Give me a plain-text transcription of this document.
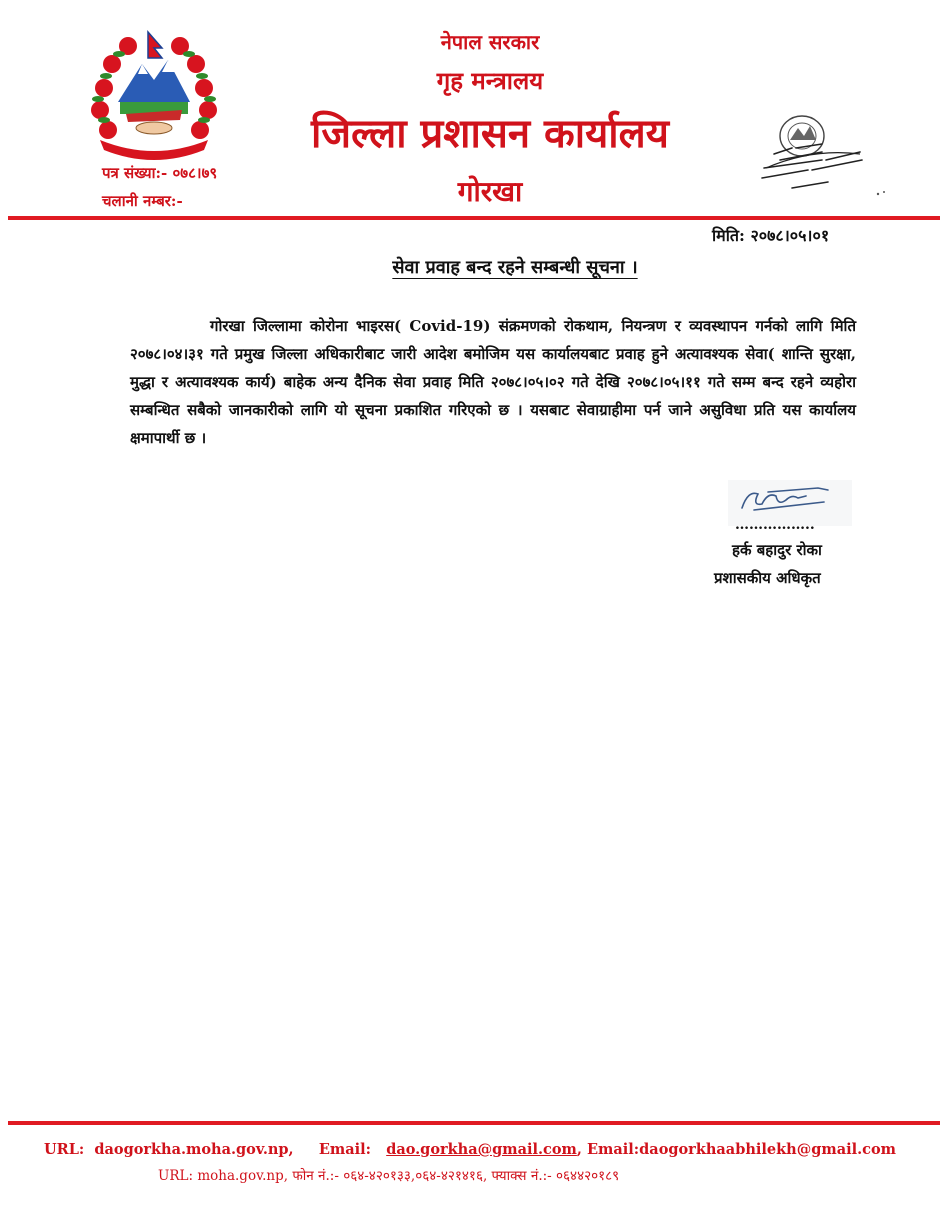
नेपाल सरकार
गृह मन्त्रालय
जिल्ला प्रशासन कार्यालय
गोरखा
पत्र संख्या:- ०७८।७९
चलानी नम्बर:-
मिति: २०७८।०५।०१
सेवा प्रवाह बन्द रहने सम्बन्धी सूचना ।
गोरखा जिल्लामा कोरोना भाइरस( Covid-19) संक्रमणको रोकथाम, नियन्त्रण र व्यवस्थापन गर्नको लागि मिति २०७८।०४।३१ गते प्रमुख जिल्ला अधिकारीबाट जारी आदेश बमोजिम यस कार्यालयबाट प्रवाह हुने अत्यावश्यक सेवा( शान्ति सुरक्षा, मुद्धा र अत्यावश्यक कार्य) बाहेक अन्य दैनिक सेवा प्रवाह मिति २०७८।०५।०२ गते देखि २०७८।०५।११ गते सम्म बन्द रहने व्यहोरा सम्बन्धित सबैको जानकारीको लागि यो सूचना प्रकाशित गरिएको छ । यसबाट सेवाग्राहीमा पर्न जाने असुविधा प्रति यस कार्यालय क्षमापार्थी छ ।
……………..
हर्क बहादुर रोका
प्रशासकीय अधिकृत
URL: daogorkha.moha.gov.np, Email: dao.gorkha@gmail.com, Email:daogorkhaabhilekh@gmail.com
URL: moha.gov.np, फोन नं.:- ०६४-४२०१३३,०६४-४२१४१६, फ्याक्स नं.:- ०६४४२०१८९
